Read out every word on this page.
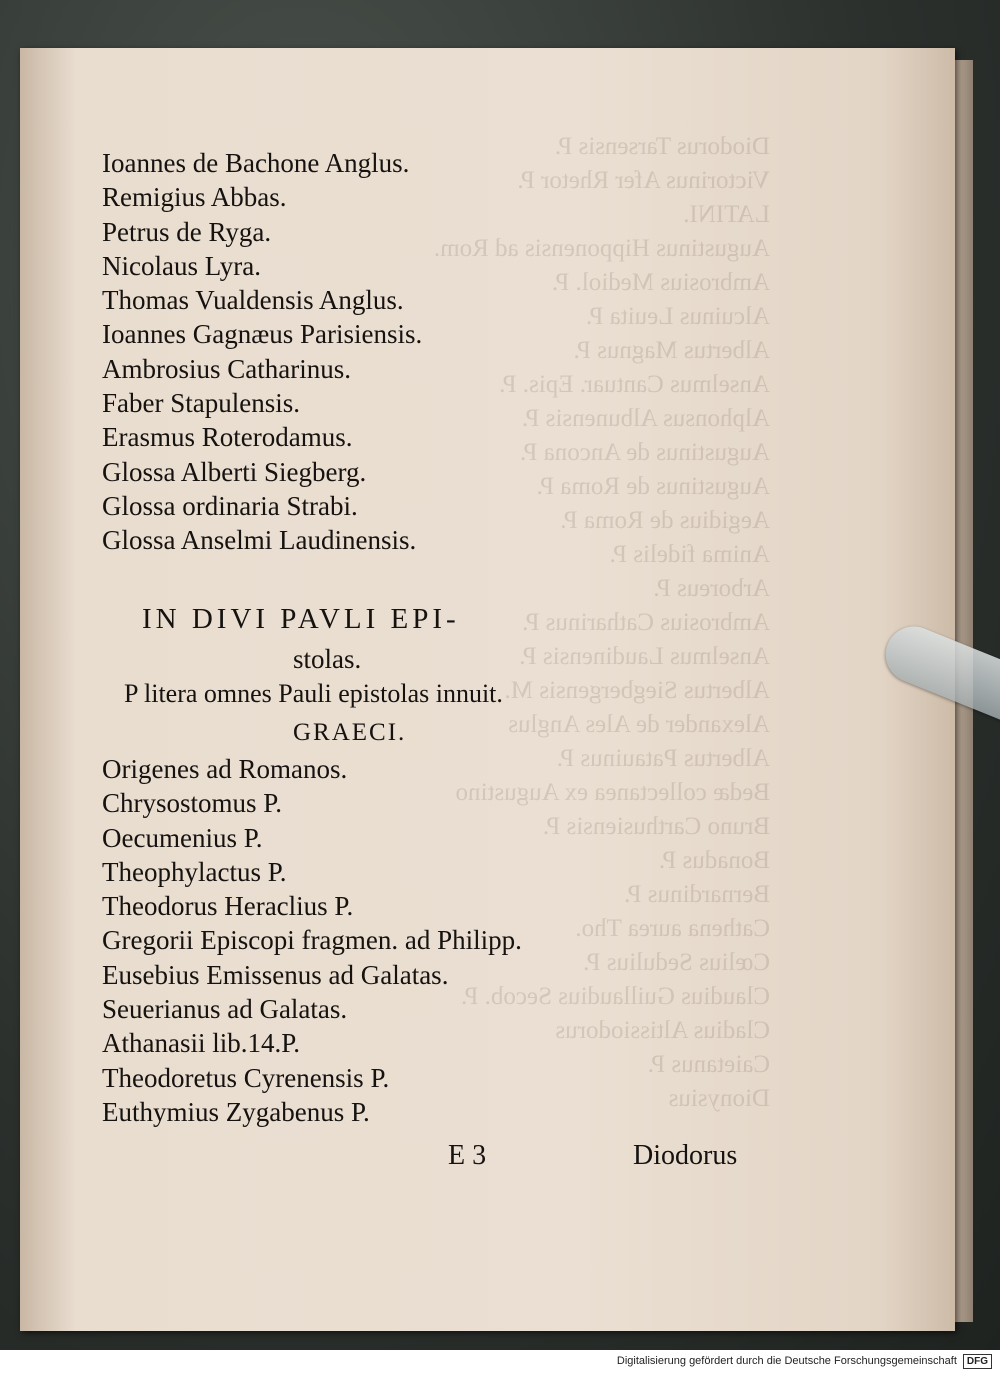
Ioannes de Bachone Anglus.
Remigius Abbas.
Petrus de Ryga.
Nicolaus Lyra.
Thomas Vualdensis Anglus.
Ioannes Gagnæus Parisiensis.
Ambrosius Catharinus.
Faber Stapulensis.
Erasmus Roterodamus.
Glossa Alberti Siegberg.
Glossa ordinaria Strabi.
Glossa Anselmi Laudinensis.
IN DIVI PAVLI EPI-
stolas.
P litera omnes Pauli epistolas innuit.
GRAECI.
Origenes ad Romanos.
Chrysostomus P.
Oecumenius P.
Theophylactus P.
Theodorus Heraclius P.
Gregorii Episcopi fragmen. ad Philipp.
Eusebius Emissenus ad Galatas.
Seuerianus ad Galatas.
Athanasii lib.14.P.
Theodoretus Cyrenensis P.
Euthymius Zygabenus P.
E 3	Diodorus
Digitalisierung gefördert durch die Deutsche Forschungsgemeinschaft DFG
